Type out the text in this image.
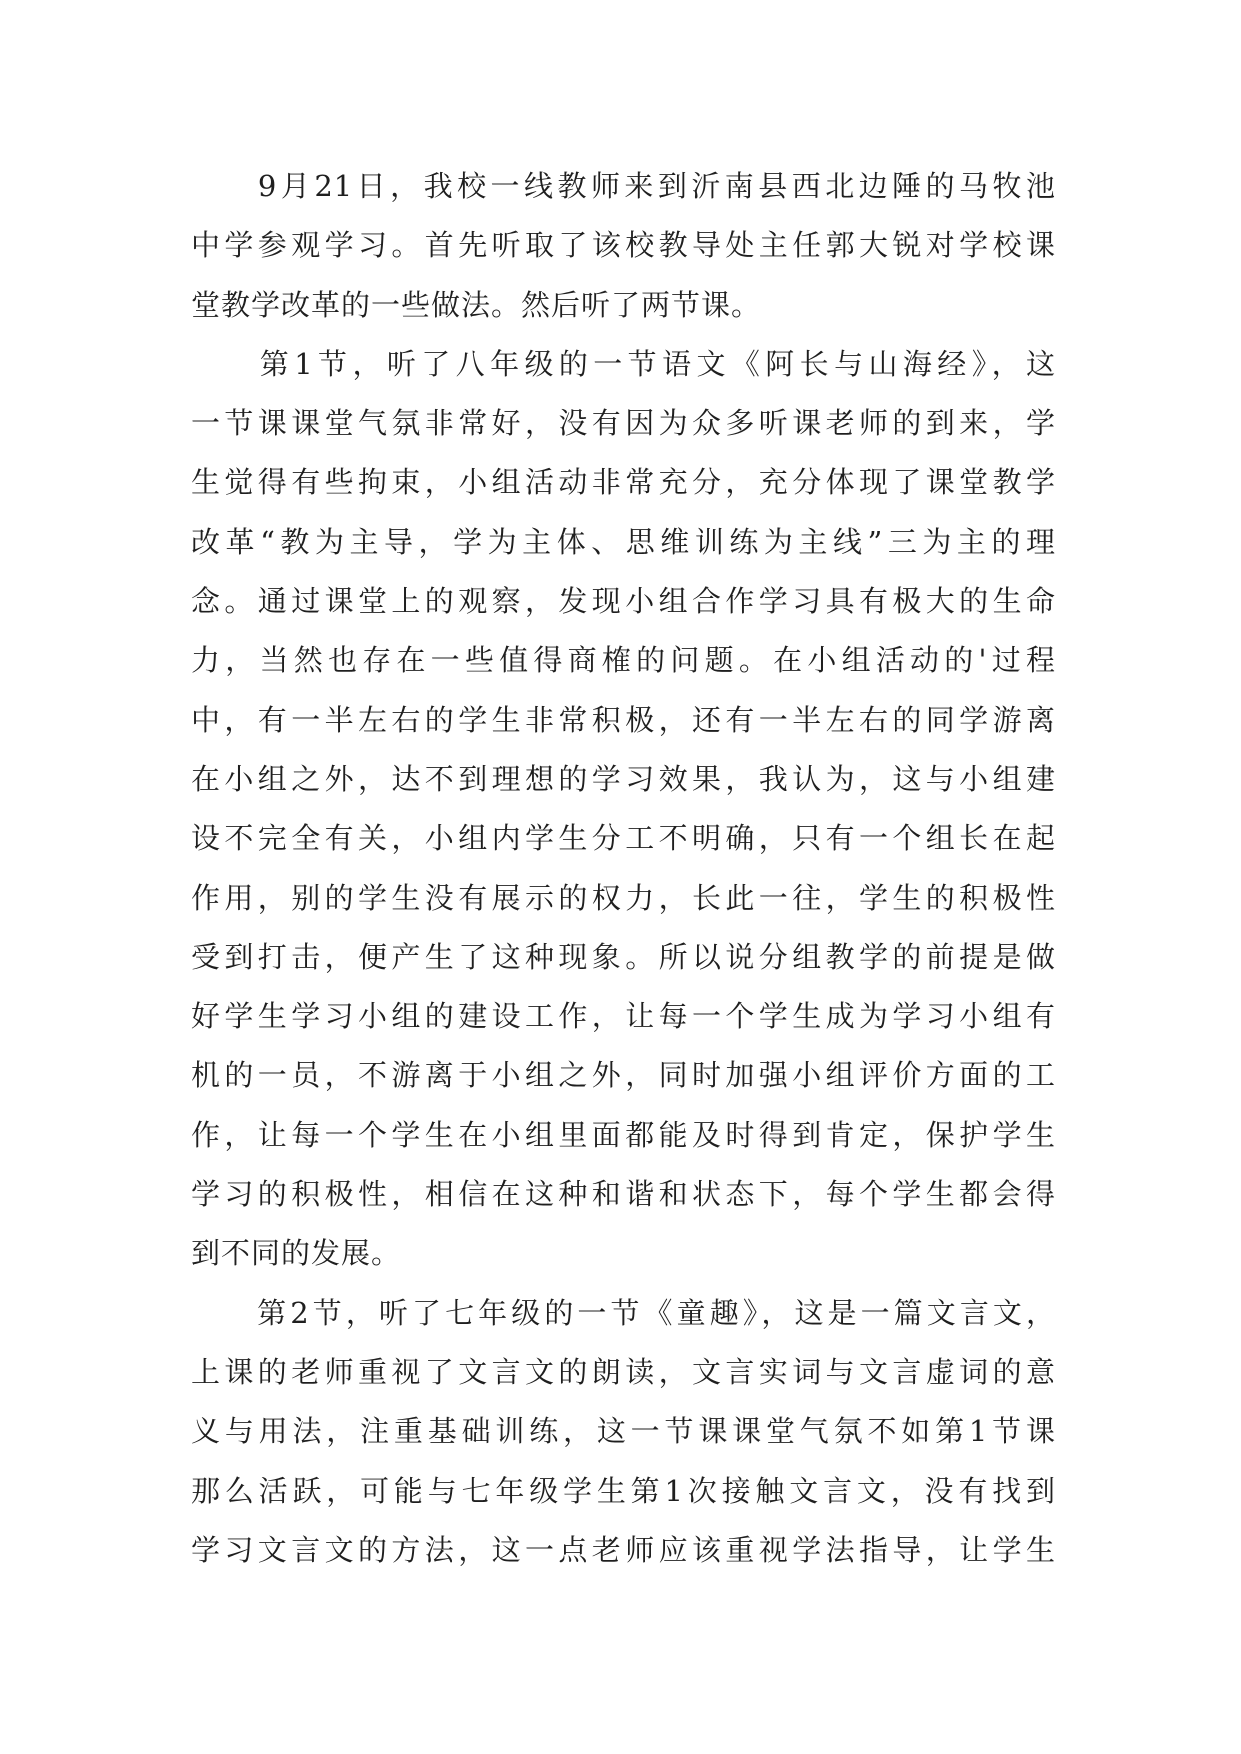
　　9月21日，我校一线教师来到沂南县西北边陲的马牧池
中学参观学习。首先听取了该校教导处主任郭大锐对学校课
堂教学改革的一些做法。然后听了两节课。
　　第1节，听了八年级的一节语文《阿长与山海经》，这
一节课课堂气氛非常好，没有因为众多听课老师的到来，学
生觉得有些拘束，小组活动非常充分，充分体现了课堂教学
改革“教为主导，学为主体、思维训练为主线”三为主的理
念。通过课堂上的观察，发现小组合作学习具有极大的生命
力，当然也存在一些值得商榷的问题。在小组活动的'过程
中，有一半左右的学生非常积极，还有一半左右的同学游离
在小组之外，达不到理想的学习效果，我认为，这与小组建
设不完全有关，小组内学生分工不明确，只有一个组长在起
作用，别的学生没有展示的权力，长此一往，学生的积极性
受到打击，便产生了这种现象。所以说分组教学的前提是做
好学生学习小组的建设工作，让每一个学生成为学习小组有
机的一员，不游离于小组之外，同时加强小组评价方面的工
作，让每一个学生在小组里面都能及时得到肯定，保护学生
学习的积极性，相信在这种和谐和状态下，每个学生都会得
到不同的发展。
　　第2节，听了七年级的一节《童趣》，这是一篇文言文，
上课的老师重视了文言文的朗读，文言实词与文言虚词的意
义与用法，注重基础训练，这一节课课堂气氛不如第1节课
那么活跃，可能与七年级学生第1次接触文言文，没有找到
学习文言文的方法，这一点老师应该重视学法指导，让学生
